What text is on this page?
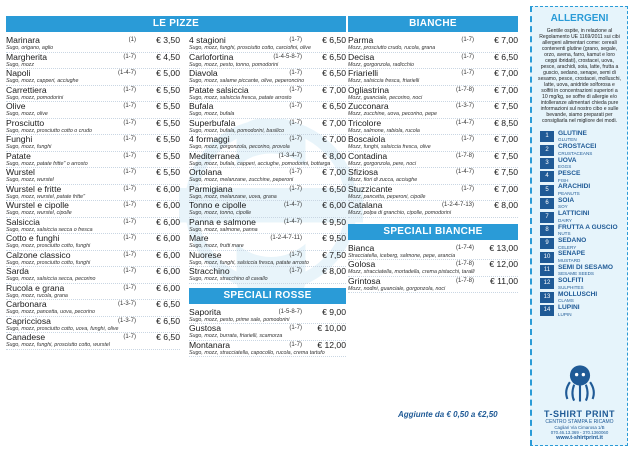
LE PIZZE
Marinara	(1) € 3,50
Sugo, origano, aglio
Margherita	(1-7) € 4,50
Sugo, mozz
Napoli	(1-4-7) € 5,00
Sugo, mozz, capperi, acciughe
Carrettiera	(1-7) € 5,50
Sugo, mozz, pomodorini
Olive	(1-7) € 5,50
Sugo, mozz, olive
Prosciutto	(1-7) € 5,50
Sugo, mozz, prosciutto cotto o crudo
Funghi	(1-7) € 5,50
Sugo, mozz, funghi
Patate	(1-7) € 5,50
Sugo, mozz, patate fritte" o arrosto
Wurstel	(1-7) € 5,50
Sugo, mozz, wurstel
Wurstel e fritte	(1-7) € 6,00
Sugo, mozz, wurstel, patate fritte"
Wurstel e cipolle	(1-7) € 6,00
Sugo, mozz, wurstel, cipolle
Salsiccia	(1-7) € 6,00
Sugo, mozz, salsiccia secca o fresca
Cotto e funghi	(1-7) € 6,00
Sugo, mozz, prosciutto cotto, funghi
Calzone classico	(1-7) € 6,00
Sugo, mozz, prosciutto cotto, funghi
Sarda	(1-7) € 6,00
Sugo, mozz, salsiccia secca, pecorino
Rucola e grana	(1-7) € 6,00
Sugo, mozz, rucola, grana
Carbonara	(1-3-7) € 6,50
Sugo, mozz, pancetta, uova, pecorino
Capricciosa	(1-3-7) € 6,50
Sugo, mozz, prosciutto cotto, uova, funghi, olive
Canadese	(1-7) € 6,50
Sugo, mozz, funghi, prosciutto cotto, wurstel
4 stagioni	(1-7) € 6,50
Sugo, mozz, funghi, prosciutto cotto, carciofini, olive
Carlofortina	(1-4-5-8-7) € 6,50
Sugo, mozz, pesto, tonno, pomodorini
Diavola	(1-7) € 6,50
Sugo, mozz, salame piccante, olive, peperoncino
Patate salsiccia	(1-7) € 7,00
Sugo, mozz, salsiccia fresca, patate arrosto
Bufala	(1-7) € 6,50
Sugo, mozz, bufala
Superbufala	(1-7) € 7,00
Sugo, mozz, bufala, pomodorini, basilico
4 formaggi	(1-7) € 7,00
Sugo, mozz, gorgonzola, pecorino, provola
Mediterranea	(1-3-4-7) € 8,00
Sugo, mozz, bufala, capperi, acciughe, pomodorini, bottarga
Ortolana	(1-7) € 7,00
Sugo, mozz, melanzane, zucchine, peperoni
Parmigiana	(1-7) € 6,50
Sugo, mozz, melanzane, uova, grana
Tonno e cipolle	(1-4-7) € 6,00
Sugo, mozz, tonno, cipolle
Panna e salmone	(1-4-7) € 9,50
Sugo, mozz, salmone, panna
Mare	(1-2-4-7-11) € 9,50
Sugo, mozz, frutti mare
Nuorese	(1-7) € 7,50
Sugo, mozz, funghi, salsiccia fresca, patate arrosto
Stracchino	(1-7) € 8,00
Sugo, mozz, stracchino di cavallo
SPECIALI ROSSE
Saporita	(1-5-8-7) € 9,00
Sugo, mozz, pesto, prime sale, pomodorini
Gustosa	(1-7) € 10,00
Sugo, mozz, burrata, friarielli, scamorza
Montanara	(1-7) € 12,00
Sugo, mozz, stracciatella, capocollo, rucola, crema tartufo
BIANCHE
Parma	(1-7) € 7,00
Mozz, prosciutto crudo, rucola, grana
Decisa	(1-7) € 6,50
Mozz, gorgonzola, radicchio
Friarielli	(1-7) € 7,00
Mozz, salsiccia fresca, friarielli
Ogliastrina	(1-7-8) € 7,00
Mozz, guanciale, pecorino, noci
Zucconara	(1-3-7) € 7,50
Mozz, zucchine, uova, pecorino, pepe
Tricolore	(1-4-7) € 8,50
Mozz, salmone, rabiola, rucola
Boscaiola	(1-7) € 7,00
Mozz, funghi, salsiccia fresca, olive
Contadina	(1-7-8) € 7,50
Mozz, gorgonzola, pere, noci
Sfiziosa	(1-4-7) € 7,50
Mozz, fiori di zucca, acciughe
Stuzzicante	(1-7) € 7,00
Mozz, pancetta, peperoni, cipolle
Catalana	(1-2-4-7-13) € 8,00
Mozz, polpa di granchio, cipolle, pomodorini
SPECIALI BIANCHE
Bianca	(1-7-4) € 13,00
Stracciatella, iceberg, salmone, pepe, arancia
Golosa	(1-7-8) € 12,00
Mozz, stracciatella, mortadella, crema pistacchi, taralli
Grintosa	(1-7-8) € 11,00
Mozz, nodini, guanciale, gorgonzola, noci
Aggiunte da € 0,50 a €2,50
ALLERGENI
Gentile ospite, in relazione al Regolamento UE 1169/2011 sui cibi allergeni alimentari come: cereali contenenti glutine (grano, segale, orzo, avena, farro, kamut e loro ceppi ibridati), crostacei, uova, pesce, arachidi, soia, latte, frutta a guscio, sedano, senape, semi di sesamo, pesce, crostacei, molluschi, latte, uova, anidride solforosa e solfiti in concentrazioni superiori a 10 mg/kg, se soffre di allergie e/o intolleranze alimentari chieda pure informazioni sul nostro cibo e sulle bevande, siamo preparati per consigliarla nel migliore dei modi.
1	GLUTINE
GLUTEN
2	CROSTACEI
CRUSTACEANS
3	UOVA
EGGS
4	PESCE
FISH
5	ARACHIDI
PEANUTS
6	SOIA
SOY
7	LATTICINI
DAIRY
8	FRUTTA A GUSCIO
NUTS
9	SEDANO
CELERY
10	SENAPE
MUSTARD
11	SEMI DI SESAMO
SESAME SEEDS
12	SOLFITI
SULPHITES
13	MOLLUSCHI
CLAMS
14	LUPINI
LUPIN
T-SHIRT PRINT
CENTRO STAMPA E RICAMO
Cagliari Via Cimarosa 1/B
070.46.13.369 - 370.1360060
www.t-shirtprint.it
